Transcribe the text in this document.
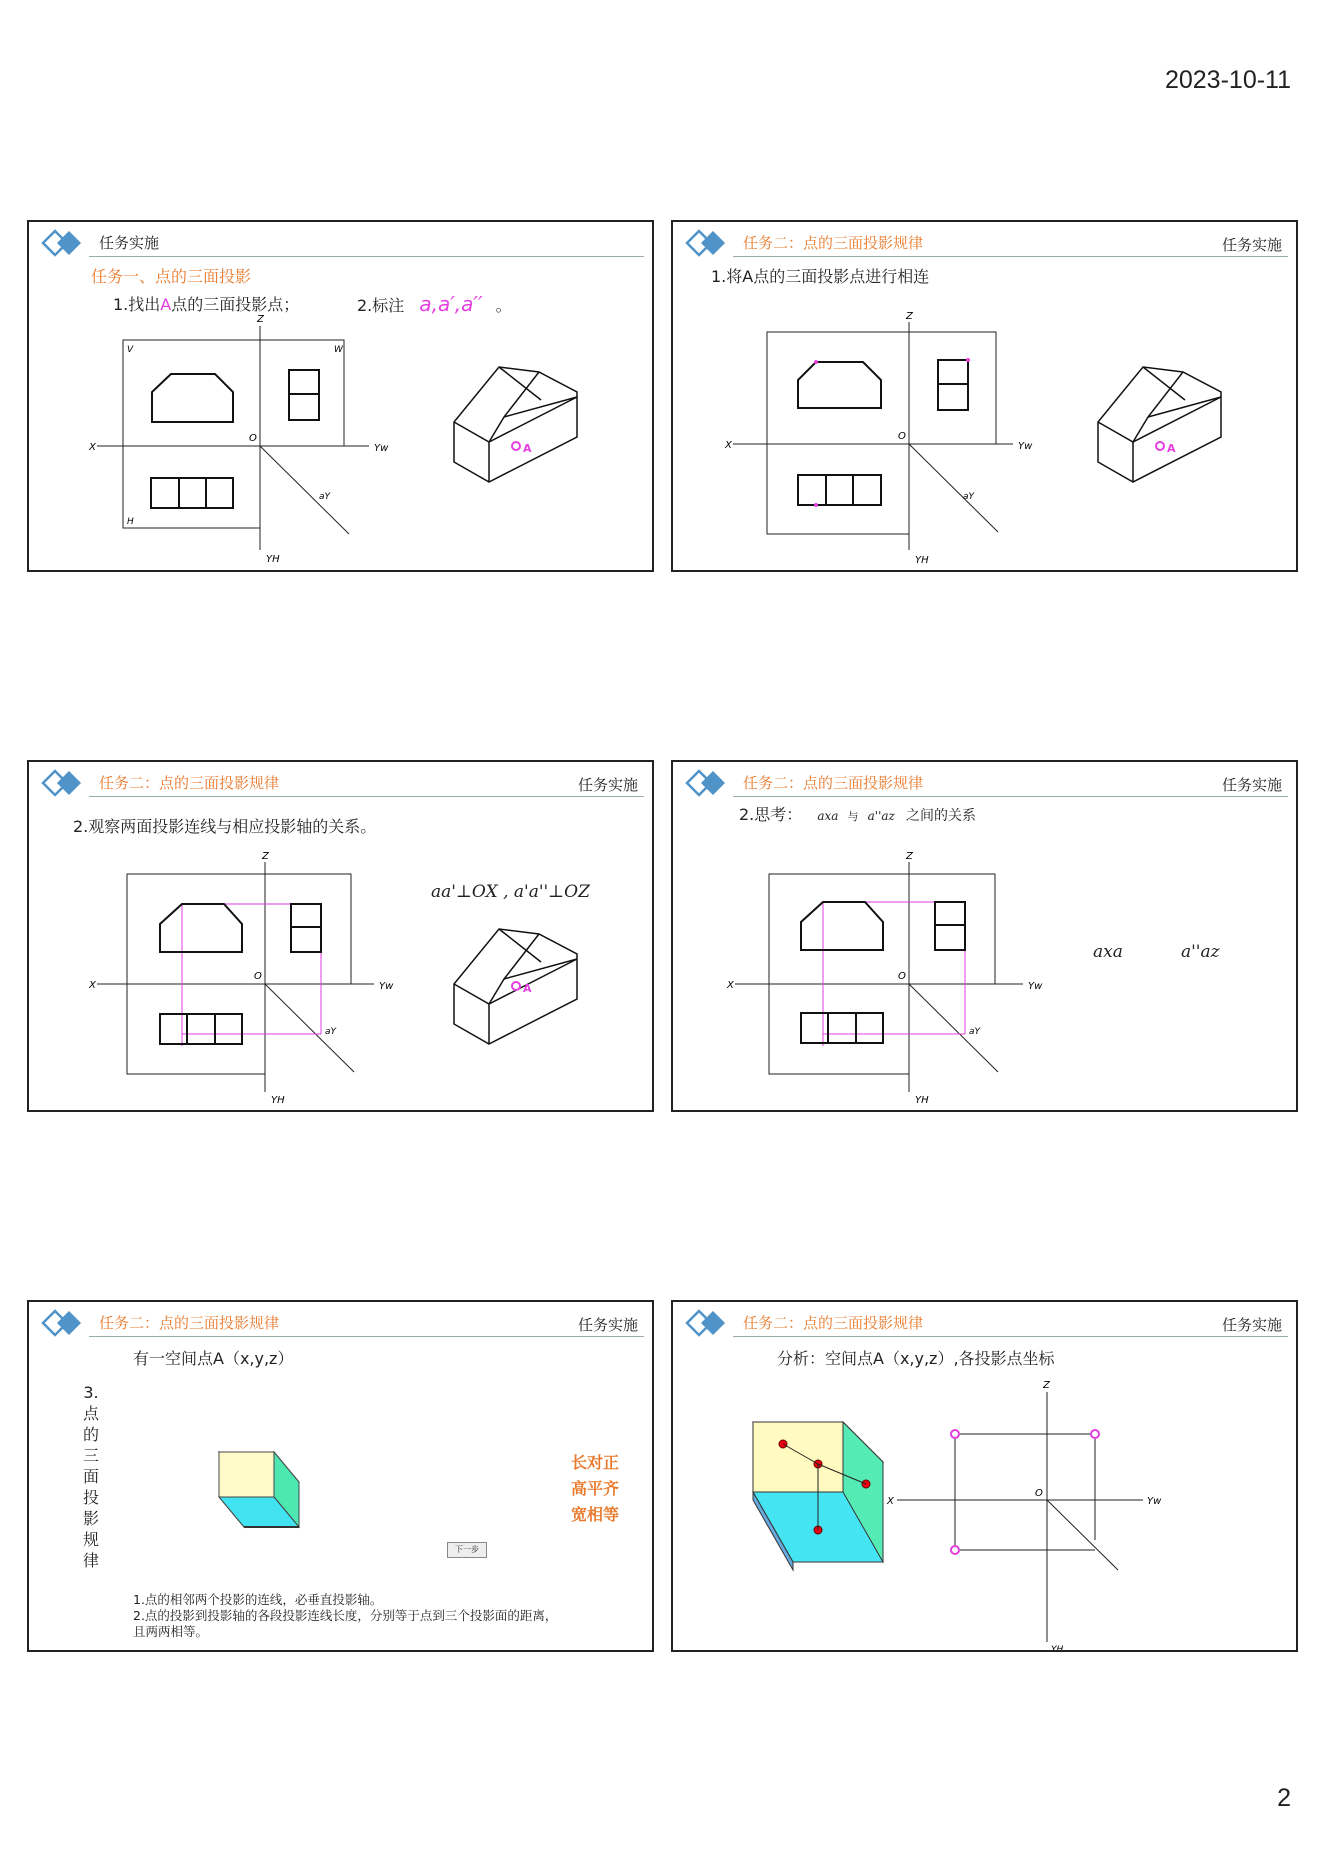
2023-10-11
2
任务实施
任务一、点的三面投影
1.找出A点的三面投影点；	2.标注 a,a′,a′′ 。
X
Z
O
Yw
YH
V	W
H
aY
A
任务二：点的三面投影规律	任务实施
1.将A点的三面投影点进行相连
X
Z
O
Yw
YH
aY
A
任务二：点的三面投影规律	任务实施
2.观察两面投影连线与相应投影轴的关系。
aa'⊥OX , a'a''⊥OZ
X
Z
O
Yw
YH
aY
A
任务二：点的三面投影规律	任务实施
2.思考： axa 与 a''az 之间的关系
axa	a''az
X
Z
O
Yw
YH
aY
任务二：点的三面投影规律	任务实施
有一空间点A（x,y,z）
3.点的三面投影规律
长对正
高平齐
宽相等
下一步
1.点的相邻两个投影的连线，必垂直投影轴。
2.点的投影到投影轴的各段投影连线长度，分别等于点到三个投影面的距离，
且两两相等。
任务二：点的三面投影规律	任务实施
分析：空间点A（x,y,z）,各投影点坐标
X
Z
O
Yw
YH
